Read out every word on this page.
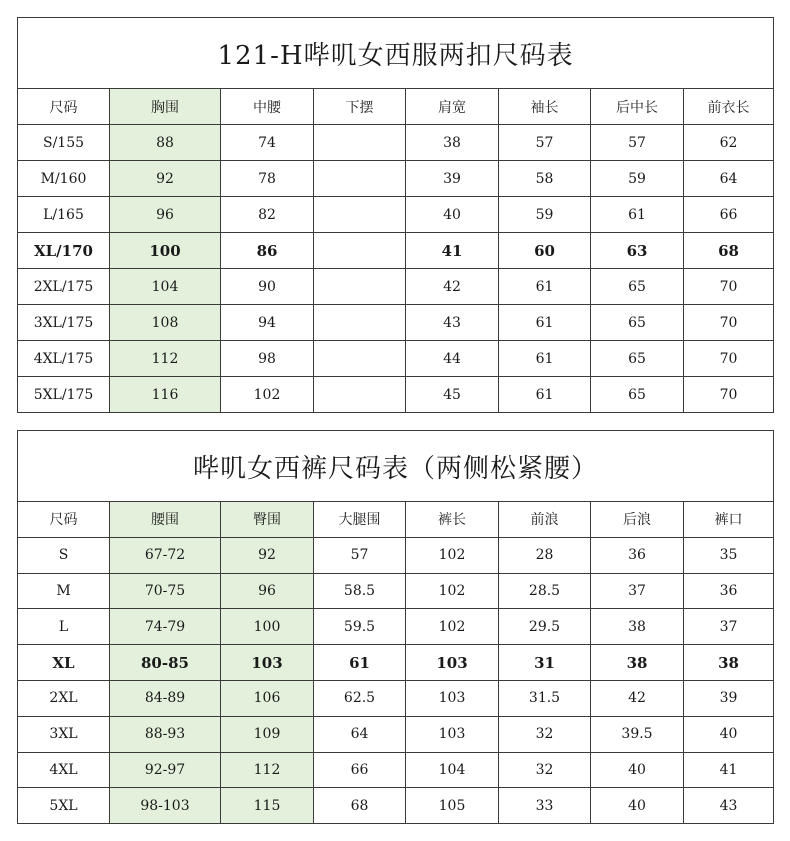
121-H哔叽女西服两扣尺码表							
尺码	胸围	中腰	下摆	肩宽	袖长	后中长	前衣长
S/155	88	74		38	57	57	62
M/160	92	78		39	58	59	64
L/165	96	82		40	59	61	66
XL/170	100	86		41	60	63	68
2XL/175	104	90		42	61	65	70
3XL/175	108	94		43	61	65	70
4XL/175	112	98		44	61	65	70
5XL/175	116	102		45	61	65	70
哔叽女西裤尺码表（两侧松紧腰）							
尺码	腰围	臀围	大腿围	裤长	前浪	后浪	裤口
S	67-72	92	57	102	28	36	35
M	70-75	96	58.5	102	28.5	37	36
L	74-79	100	59.5	102	29.5	38	37
XL	80-85	103	61	103	31	38	38
2XL	84-89	106	62.5	103	31.5	42	39
3XL	88-93	109	64	103	32	39.5	40
4XL	92-97	112	66	104	32	40	41
5XL	98-103	115	68	105	33	40	43
